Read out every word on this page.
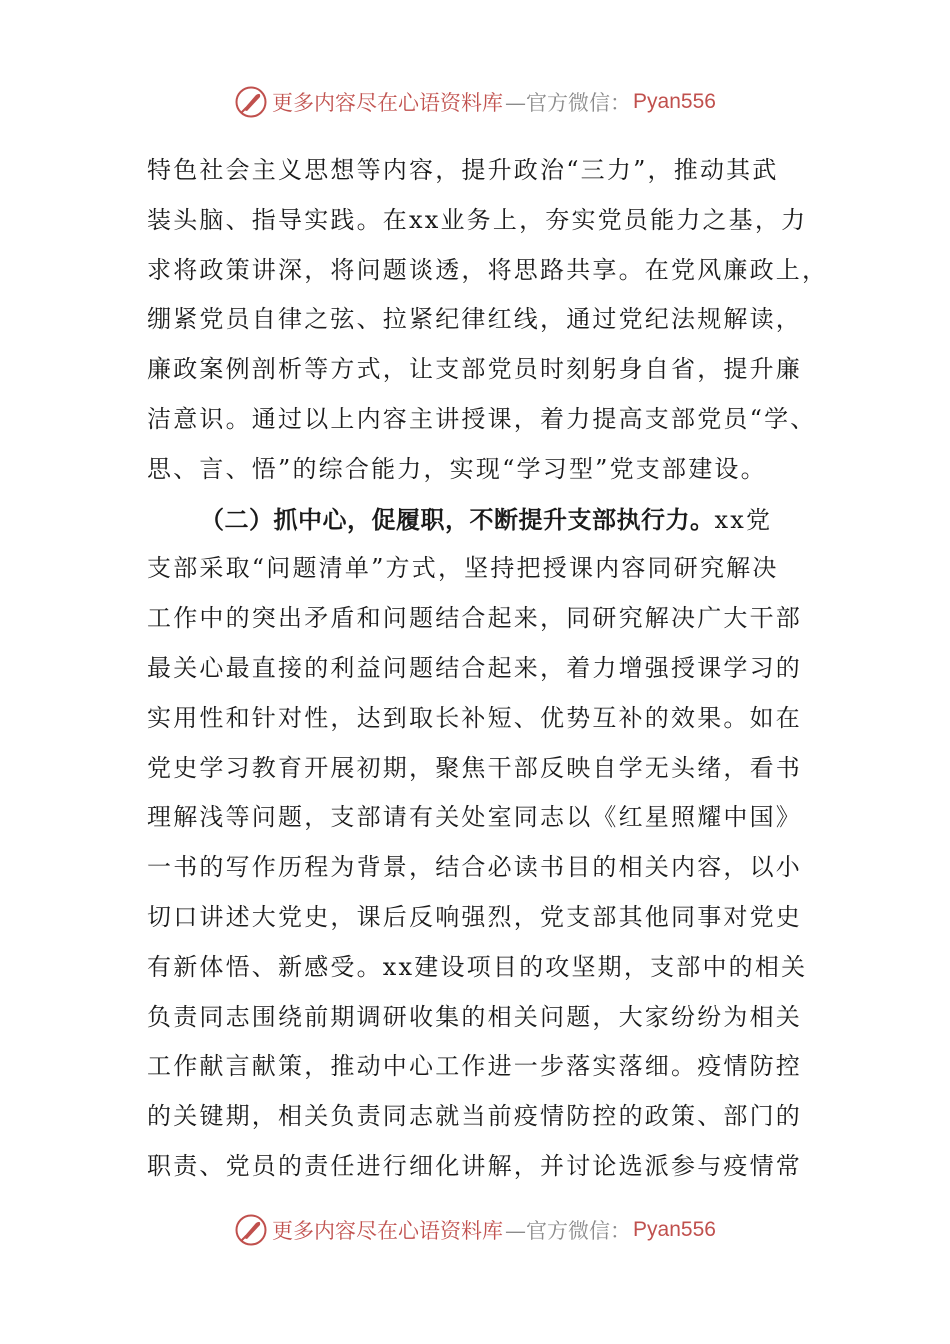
更多内容尽在心语资料库 —官方微信： Pyan556
特色社会主义思想等内容，提升政治“三力”，推动其武
装头脑、指导实践。在xx业务上，夯实党员能力之基，力
求将政策讲深，将问题谈透，将思路共享。在党风廉政上，
绷紧党员自律之弦、拉紧纪律红线，通过党纪法规解读，
廉政案例剖析等方式，让支部党员时刻躬身自省，提升廉
洁意识。通过以上内容主讲授课，着力提高支部党员“学、
思、言、悟”的综合能力，实现“学习型”党支部建设。
（二）抓中心，促履职，不断提升支部执行力。xx党
支部采取“问题清单”方式，坚持把授课内容同研究解决
工作中的突出矛盾和问题结合起来，同研究解决广大干部
最关心最直接的利益问题结合起来，着力增强授课学习的
实用性和针对性，达到取长补短、优势互补的效果。如在
党史学习教育开展初期，聚焦干部反映自学无头绪，看书
理解浅等问题，支部请有关处室同志以《红星照耀中国》
一书的写作历程为背景，结合必读书目的相关内容，以小
切口讲述大党史，课后反响强烈，党支部其他同事对党史
有新体悟、新感受。xx建设项目的攻坚期，支部中的相关
负责同志围绕前期调研收集的相关问题，大家纷纷为相关
工作献言献策，推动中心工作进一步落实落细。疫情防控
的关键期，相关负责同志就当前疫情防控的政策、部门的
职责、党员的责任进行细化讲解，并讨论选派参与疫情常
更多内容尽在心语资料库 —官方微信： Pyan556
